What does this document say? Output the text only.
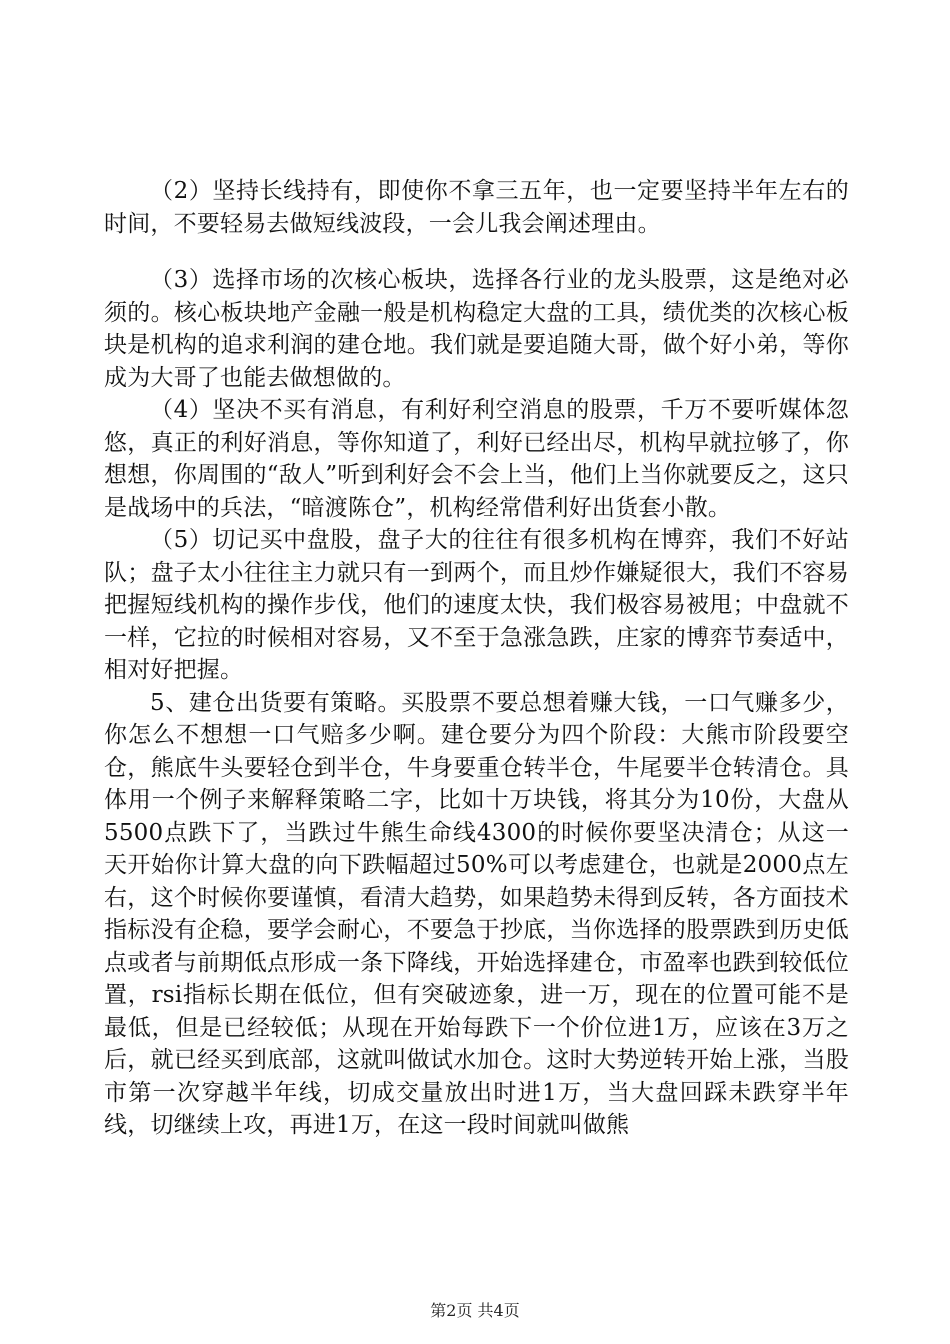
（2）坚持长线持有，即使你不拿三五年，也一定要坚持半年左右的时间，不要轻易去做短线波段，一会儿我会阐述理由。

（3）选择市场的次核心板块，选择各行业的龙头股票，这是绝对必须的。核心板块地产金融一般是机构稳定大盘的工具，绩优类的次核心板块是机构的追求利润的建仓地。我们就是要追随大哥，做个好小弟，等你成为大哥了也能去做想做的。

（4）坚决不买有消息，有利好利空消息的股票，千万不要听媒体忽悠，真正的利好消息，等你知道了，利好已经出尽，机构早就拉够了，你想想，你周围的“敌人”听到利好会不会上当，他们上当你就要反之，这只是战场中的兵法，“暗渡陈仓”，机构经常借利好出货套小散。

（5）切记买中盘股，盘子大的往往有很多机构在博弈，我们不好站队；盘子太小往往主力就只有一到两个，而且炒作嫌疑很大，我们不容易把握短线机构的操作步伐，他们的速度太快，我们极容易被甩；中盘就不一样，它拉的时候相对容易，又不至于急涨急跌，庄家的博弈节奏适中，相对好把握。

5、建仓出货要有策略。买股票不要总想着赚大钱，一口气赚多少，你怎么不想想一口气赔多少啊。建仓要分为四个阶段：大熊市阶段要空仓，熊底牛头要轻仓到半仓，牛身要重仓转半仓，牛尾要半仓转清仓。具体用一个例子来解释策略二字，比如十万块钱，将其分为10份，大盘从5500点跌下了，当跌过牛熊生命线4300的时候你要坚决清仓；从这一天开始你计算大盘的向下跌幅超过50%可以考虑建仓，也就是2000点左右，这个时候你要谨慎，看清大趋势，如果趋势未得到反转，各方面技术指标没有企稳，要学会耐心，不要急于抄底，当你选择的股票跌到历史低点或者与前期低点形成一条下降线，开始选择建仓，市盈率也跌到较低位置，rsi指标长期在低位，但有突破迹象，进一万，现在的位置可能不是最低，但是已经较低；从现在开始每跌下一个价位进1万，应该在3万之后，就已经买到底部，这就叫做试水加仓。这时大势逆转开始上涨，当股市第一次穿越半年线，切成交量放出时进1万，当大盘回踩未跌穿半年线，切继续上攻，再进1万，在这一段时间就叫做熊

第2页 共4页
